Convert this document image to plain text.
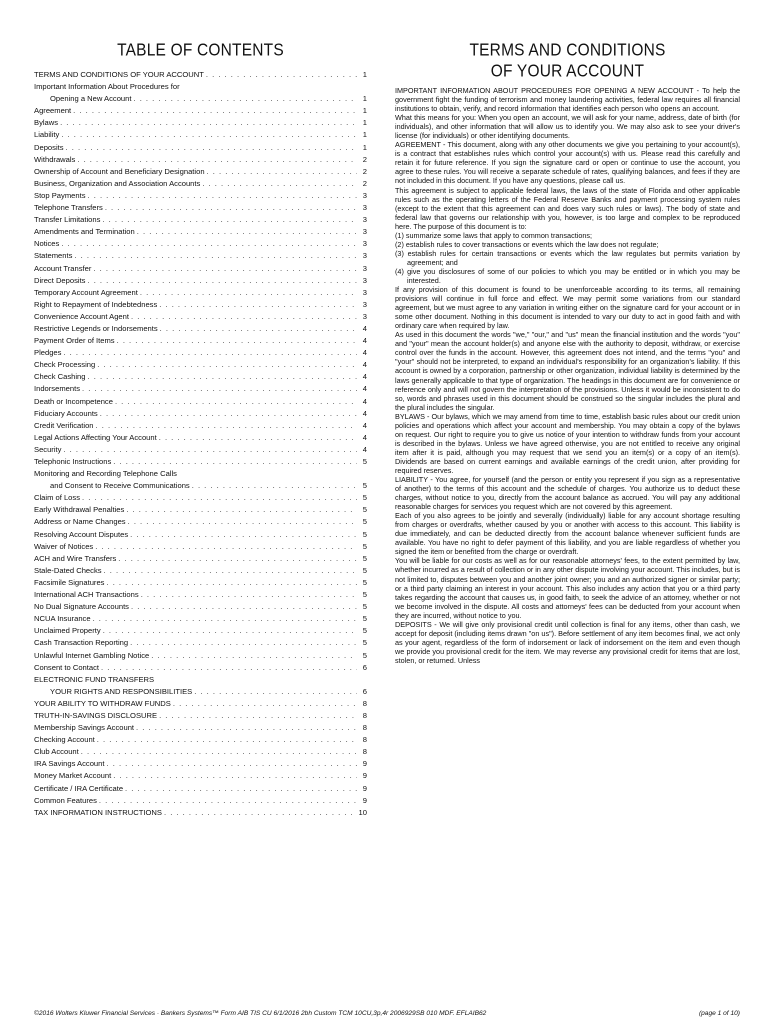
TABLE OF CONTENTS
TERMS AND CONDITIONS OF YOUR ACCOUNT . . .	1
Important Information About Procedures for
Opening a New Account . . .	1
Agreement . . .	1
Bylaws . . .	1
Liability . . .	1
Deposits . . .	1
Withdrawals . . .	2
Ownership of Account and Beneficiary Designation . . .	2
Business, Organization and Association Accounts . . .	2
Stop Payments . . .	3
Telephone Transfers . . .	3
Transfer Limitations . . .	3
Amendments and Termination . . .	3
Notices . . .	3
Statements . . .	3
Account Transfer . . .	3
Direct Deposits . . .	3
Temporary Account Agreement . . .	3
Right to Repayment of Indebtedness . . .	3
Convenience Account Agent . . .	3
Restrictive Legends or Indorsements . . .	4
Payment Order of Items . . .	4
Pledges . . .	4
Check Processing . . .	4
Check Cashing . . .	4
Indorsements . . .	4
Death or Incompetence . . .	4
Fiduciary Accounts . . .	4
Credit Verification . . .	4
Legal Actions Affecting Your Account . . .	4
Security . . .	4
Telephonic Instructions . . .	5
Monitoring and Recording Telephone Calls
and Consent to Receive Communications . . .	5
Claim of Loss . . .	5
Early Withdrawal Penalties . . .	5
Address or Name Changes . . .	5
Resolving Account Disputes . . .	5
Waiver of Notices . . .	5
ACH and Wire Transfers . . .	5
Stale-Dated Checks . . .	5
Facsimile Signatures . . .	5
International ACH Transactions . . .	5
No Dual Signature Accounts . . .	5
NCUA Insurance . . .	5
Unclaimed Property . . .	5
Cash Transaction Reporting . . .	5
Unlawful Internet Gambling Notice . . .	5
Consent to Contact . . .	6
ELECTRONIC FUND TRANSFERS
YOUR RIGHTS AND RESPONSIBILITIES . . .	6
YOUR ABILITY TO WITHDRAW FUNDS . . .	8
TRUTH-IN-SAVINGS DISCLOSURE . . .	8
Membership Savings Account . . .	8
Checking Account . . .	8
Club Account . . .	8
IRA Savings Account . . .	9
Money Market Account . . .	9
Certificate / IRA Certificate . . .	9
Common Features . . .	9
TAX INFORMATION INSTRUCTIONS . . .	10
TERMS AND CONDITIONS
OF YOUR ACCOUNT

IMPORTANT INFORMATION ABOUT PROCEDURES FOR OPENING A NEW ACCOUNT - To help the government fight the funding of terrorism and money laundering activities, federal law requires all financial institutions to obtain, verify, and record information that identifies each person who opens an account.

What this means for you: When you open an account, we will ask for your name, address, date of birth (for individuals), and other information that will allow us to identify you. We may also ask to see your driver's license (for individuals) or other identifying documents.

AGREEMENT - This document, along with any other documents we give you pertaining to your account(s), is a contract that establishes rules which control your account(s) with us. Please read this carefully and retain it for future reference. If you sign the signature card or open or continue to use the account, you agree to these rules. You will receive a separate schedule of rates, qualifying balances, and fees if they are not included in this document. If you have any questions, please call us.

This agreement is subject to applicable federal laws, the laws of the state of Florida and other applicable rules such as the operating letters of the Federal Reserve Banks and payment processing system rules (except to the extent that this agreement can and does vary such rules or laws). The body of state and federal law that governs our relationship with you, however, is too large and complex to be reproduced here. The purpose of this document is to:

(1) summarize some laws that apply to common transactions;

(2) establish rules to cover transactions or events which the law does not regulate;

(3) establish rules for certain transactions or events which the law regulates but permits variation by agreement; and

(4) give you disclosures of some of our policies to which you may be entitled or in which you may be interested.

If any provision of this document is found to be unenforceable according to its terms, all remaining provisions will continue in full force and effect. We may permit some variations from our standard agreement, but we must agree to any variation in writing either on the signature card for your account or in some other document. Nothing in this document is intended to vary our duty to act in good faith and with ordinary care when required by law.

As used in this document the words "we," "our," and "us" mean the financial institution and the words "you" and "your" mean the account holder(s) and anyone else with the authority to deposit, withdraw, or exercise control over the funds in the account. However, this agreement does not intend, and the terms "you" and "your" should not be interpreted, to expand an individual's responsibility for an organization's liability. If this account is owned by a corporation, partnership or other organization, individual liability is determined by the laws generally applicable to that type of organization. The headings in this document are for convenience or reference only and will not govern the interpretation of the provisions. Unless it would be inconsistent to do so, words and phrases used in this document should be construed so the singular includes the plural and the plural includes the singular.

BYLAWS - Our bylaws, which we may amend from time to time, establish basic rules about our credit union policies and operations which affect your account and membership. You may obtain a copy of the bylaws on request. Our right to require you to give us notice of your intention to withdraw funds from your account is described in the bylaws. Unless we have agreed otherwise, you are not entitled to receive any original item after it is paid, although you may request that we send you an item(s) or a copy of an item(s). Dividends are based on current earnings and available earnings of the credit union, after providing for required reserves.

LIABILITY - You agree, for yourself (and the person or entity you represent if you sign as a representative of another) to the terms of this account and the schedule of charges. You authorize us to deduct these charges, without notice to you, directly from the account balance as accrued. You will pay any additional reasonable charges for services you request which are not covered by this agreement.

Each of you also agrees to be jointly and severally (individually) liable for any account shortage resulting from charges or overdrafts, whether caused by you or another with access to this account. This liability is due immediately, and can be deducted directly from the account balance whenever sufficient funds are available. You have no right to defer payment of this liability, and you are liable regardless of whether you signed the item or benefited from the charge or overdraft.

You will be liable for our costs as well as for our reasonable attorneys' fees, to the extent permitted by law, whether incurred as a result of collection or in any other dispute involving your account. This includes, but is not limited to, disputes between you and another joint owner; you and an authorized signer or similar party; or a third party claiming an interest in your account. This also includes any action that you or a third party takes regarding the account that causes us, in good faith, to seek the advice of an attorney, whether or not we become involved in the dispute. All costs and attorneys' fees can be deducted from your account when they are incurred, without notice to you.

DEPOSITS - We will give only provisional credit until collection is final for any items, other than cash, we accept for deposit (including items drawn "on us"). Before settlement of any item becomes final, we act only as your agent, regardless of the form of indorsement or lack of indorsement on the item and even though we provide you provisional credit for the item. We may reverse any provisional credit for items that are lost, stolen, or returned. Unless

©2016 Wolters Kluwer Financial Services · Bankers Systems™ Form AIB TIS CU 6/1/2016 2bh Custom TCM 10CU,3p,4r 2006929SB 010 MDF. EFLAIB62	(page 1 of 10)
